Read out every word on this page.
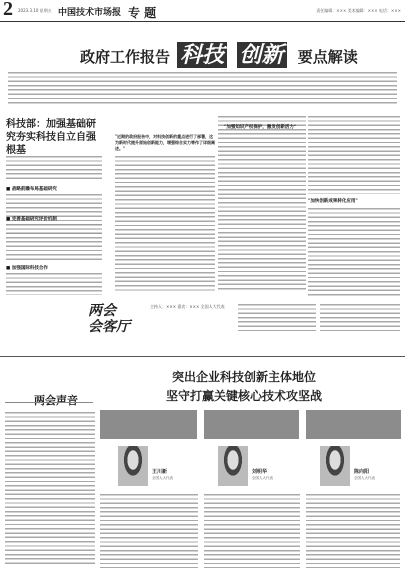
2 2023.3.10 星期五 中国技术市场报 专 题	责任编辑：××× 美术编辑：××× 电话：×××
政府工作报告 科技 创新 要点解读
科技部：加强基础研究夯实科技自立自强根基
■ 战略前瞻布局基础研究
■ 完善基础研究评价机制
■ 加强国际科技合作
"近期的政府报告中，对科技创新的重点进行了部署，这为新时代提升原始创新能力，增强综合实力等作了详细阐述。"
"加强知识产权保护，激发创新活力"
"加快创新成果转化应用"
两会
会客厅
主持人：××× 嘉宾：××× 全国人大代表
两会声音
突出企业科技创新主体地位
坚守打赢关键核心技术攻坚战
王川新
全国人大代表
刘明华
全国人大代表
陈向阳
全国人大代表
